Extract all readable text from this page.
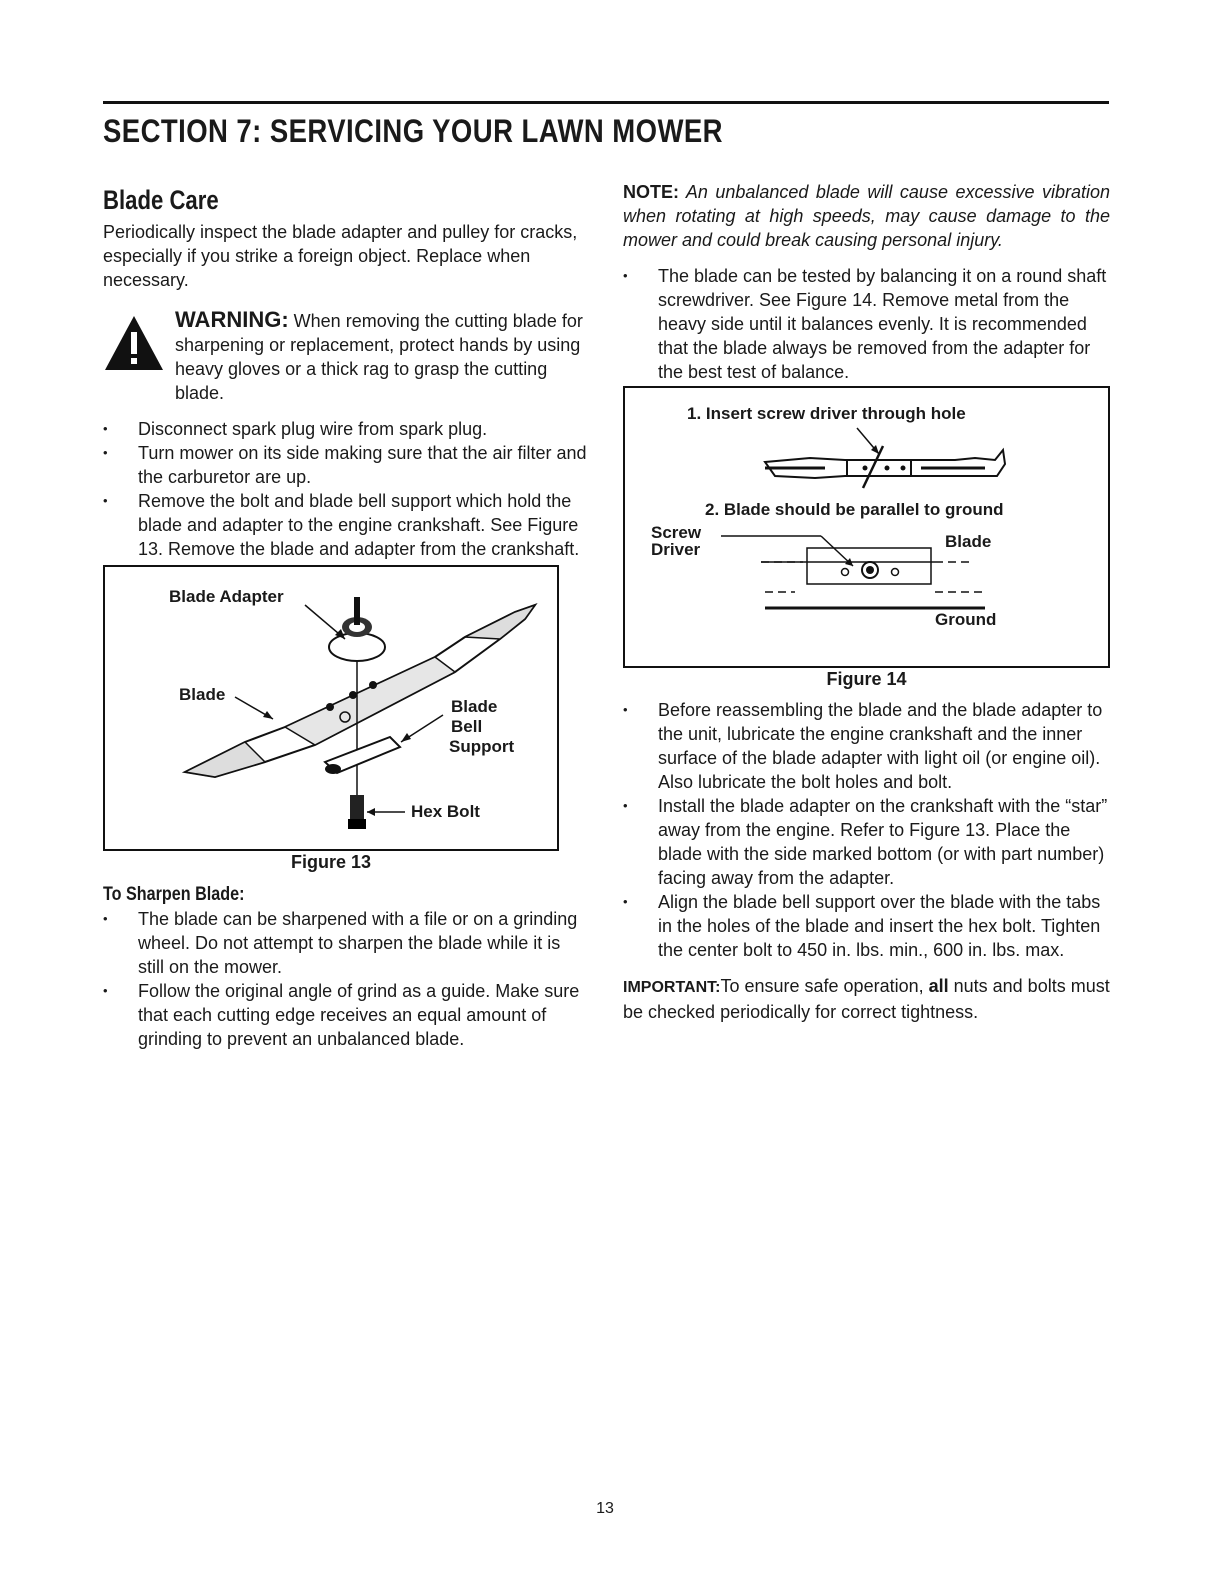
SECTION 7: SERVICING YOUR LAWN MOWER
Blade Care

Periodically inspect the blade adapter and pulley for cracks, especially if you strike a foreign object. Replace when necessary.

WARNING: When removing the cutting blade for sharpening or replacement, protect hands by using heavy gloves or a thick rag to grasp the cutting blade.

• Disconnect spark plug wire from spark plug.
• Turn mower on its side making sure that the air filter and the carburetor are up.
• Remove the bolt and blade bell support which hold the blade and adapter to the engine crankshaft. See Figure 13. Remove the blade and adapter from the crankshaft.
Blade Adapter
Blade
Blade
Bell
Support
Hex Bolt
Figure 13
To Sharpen Blade:
• The blade can be sharpened with a file or on a grinding wheel. Do not attempt to sharpen the blade while it is still on the mower.
• Follow the original angle of grind as a guide. Make sure that each cutting edge receives an equal amount of grinding to prevent an unbalanced blade.

NOTE: An unbalanced blade will cause excessive vibration when rotating at high speeds, may cause damage to the mower and could break causing personal injury.

• The blade can be tested by balancing it on a round shaft screwdriver. See Figure 14. Remove metal from the heavy side until it balances evenly. It is recommended that the blade always be removed from the adapter for the best test of balance.
1. Insert screw driver through hole
2. Blade should be parallel to ground
Screw
Driver	Blade
Ground
Figure 14
• Before reassembling the blade and the blade adapter to the unit, lubricate the engine crankshaft and the inner surface of the blade adapter with light oil (or engine oil). Also lubricate the bolt holes and bolt.
• Install the blade adapter on the crankshaft with the “star” away from the engine. Refer to Figure 13. Place the blade with the side marked bottom (or with part number) facing away from the adapter.
• Align the blade bell support over the blade with the tabs in the holes of the blade and insert the hex bolt. Tighten the center bolt to 450 in. lbs. min., 600 in. lbs. max.

IMPORTANT:To ensure safe operation, all nuts and bolts must be checked periodically for correct tightness.

13
